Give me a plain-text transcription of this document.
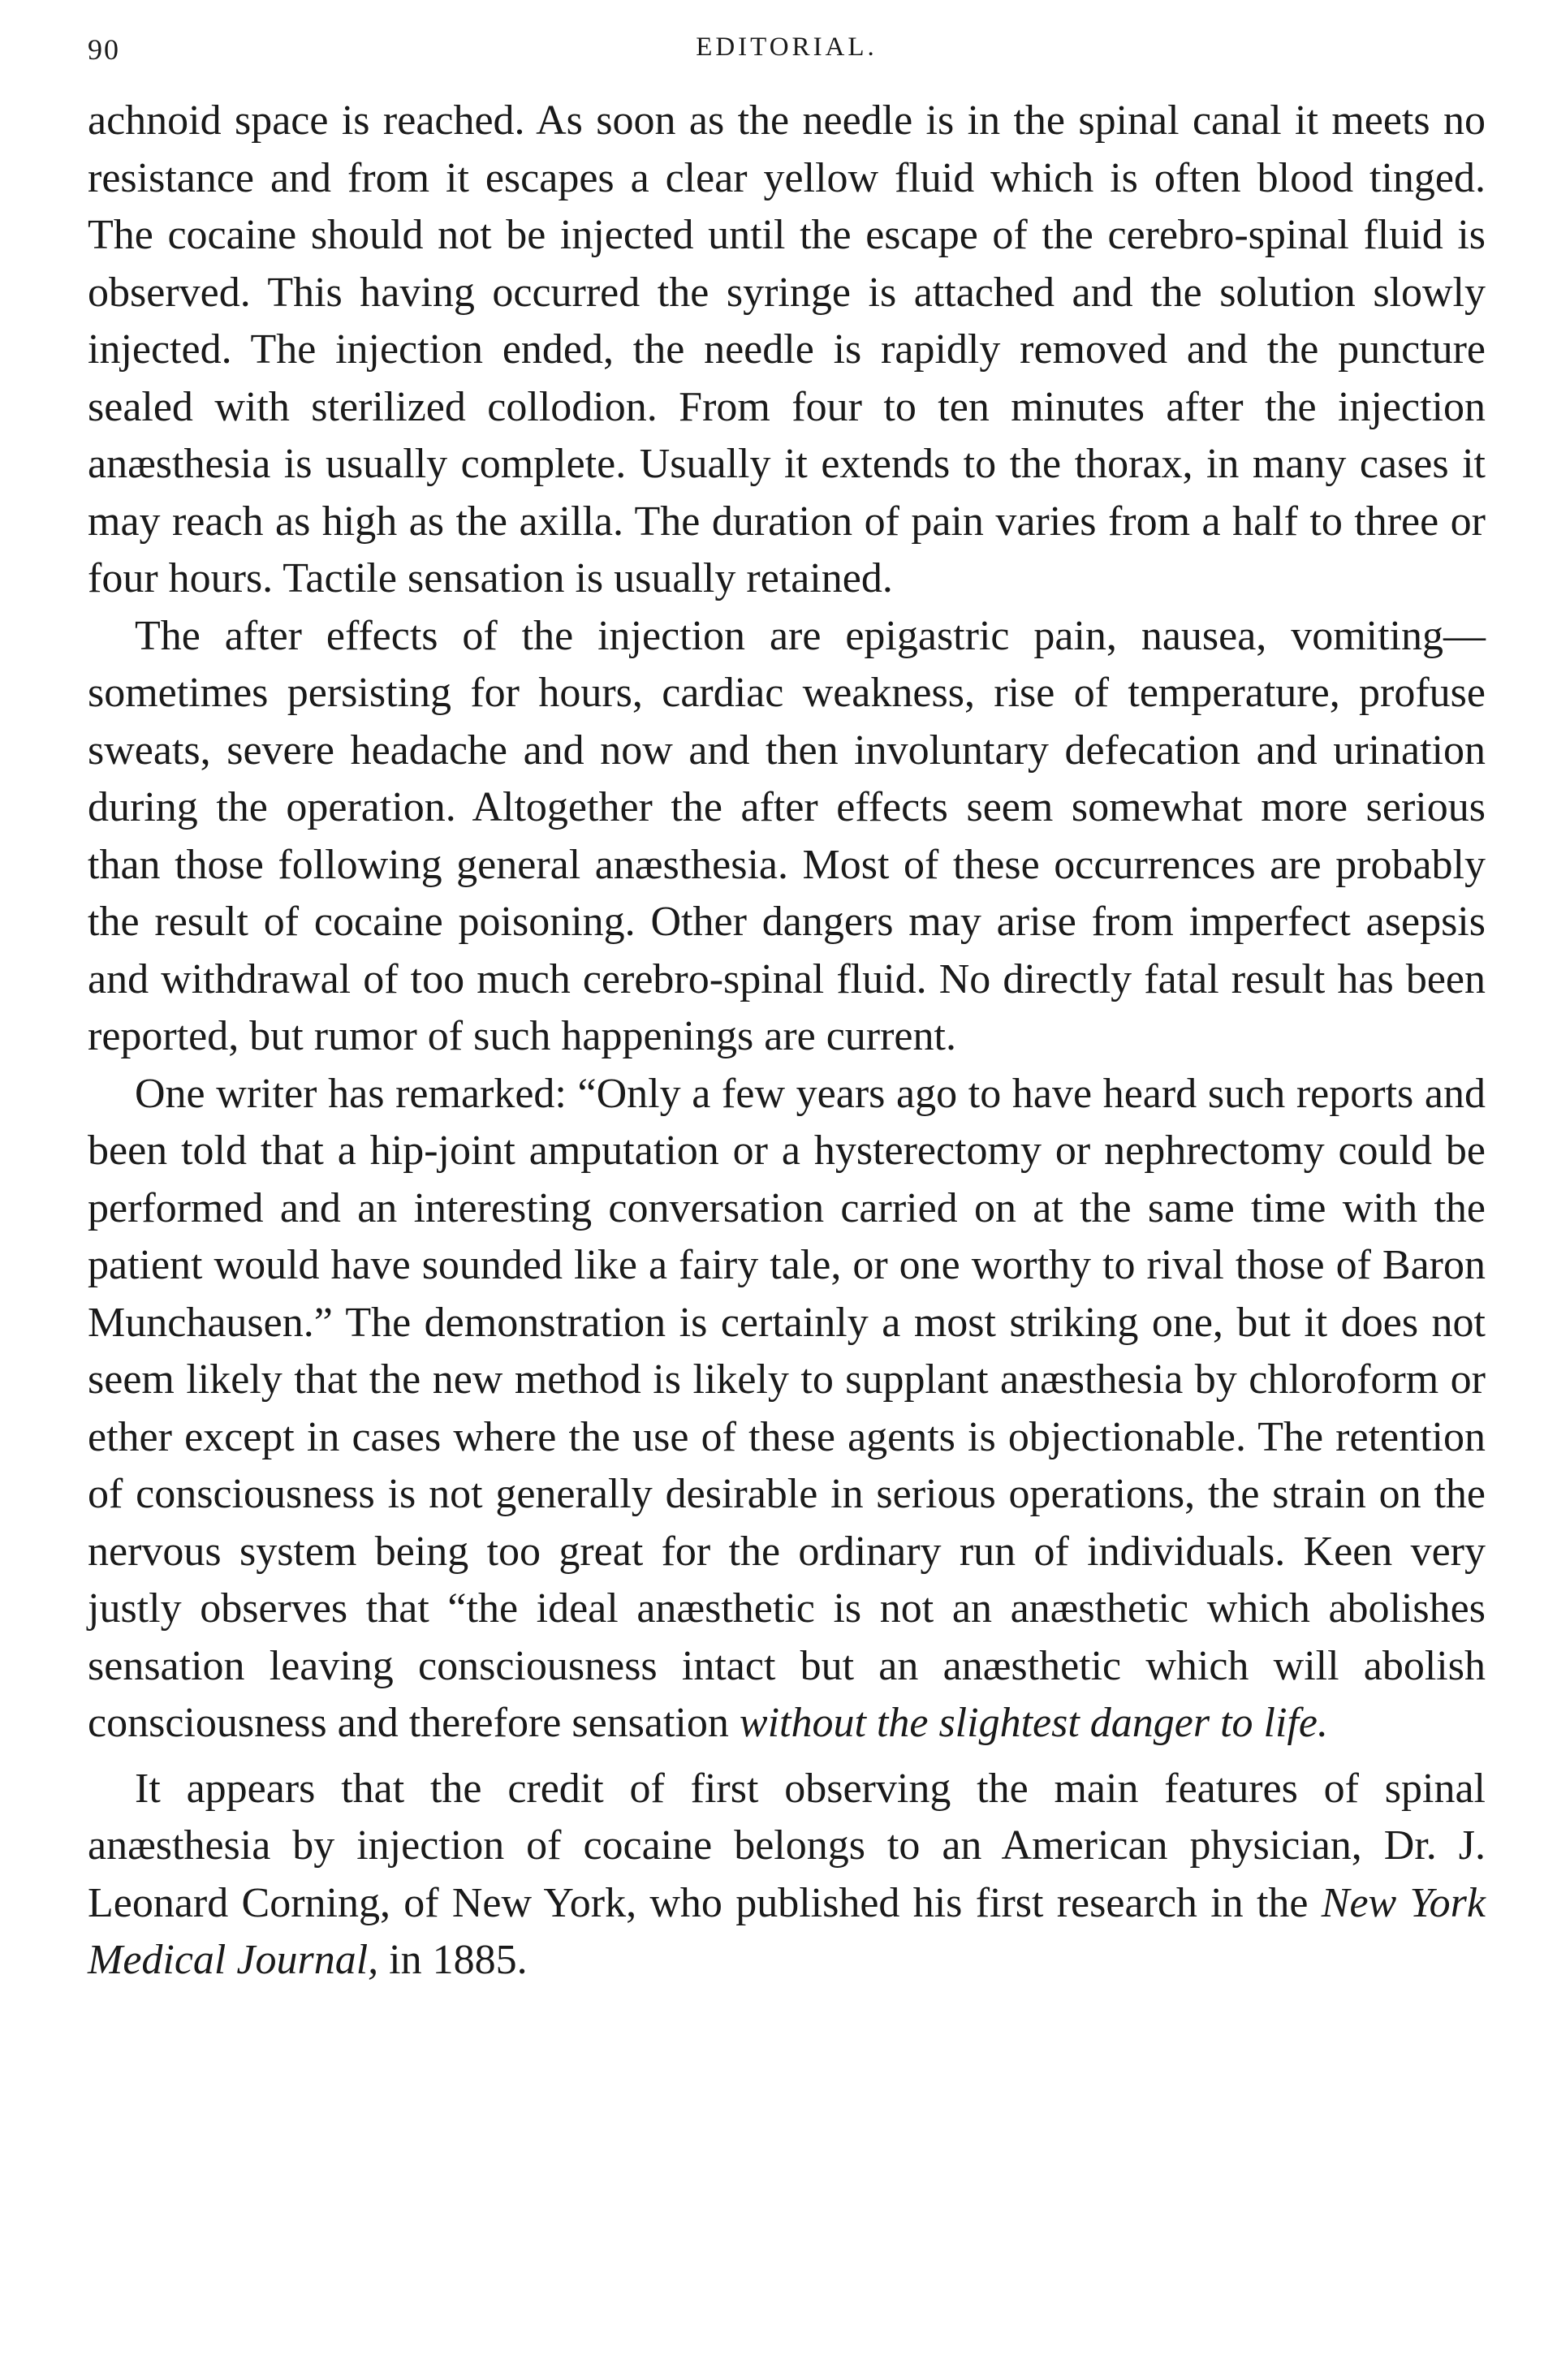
90	EDITORIAL.

achnoid space is reached. As soon as the needle is in the spinal canal it meets no resistance and from it escapes a clear yellow fluid which is often blood tinged. The cocaine should not be injected until the escape of the cerebro-spinal fluid is observed. This having occurred the syringe is attached and the solution slowly injected. The injection ended, the needle is rapidly removed and the puncture sealed with sterilized collodion. From four to ten minutes after the injection anæsthesia is usually complete. Usually it extends to the thorax, in many cases it may reach as high as the axilla. The duration of pain varies from a half to three or four hours. Tactile sensation is usually retained.

The after effects of the injection are epigastric pain, nausea, vomiting—sometimes persisting for hours, cardiac weakness, rise of temperature, profuse sweats, severe headache and now and then involuntary defecation and urination during the operation. Altogether the after effects seem somewhat more serious than those following general anæsthesia. Most of these occurrences are probably the result of cocaine poisoning. Other dangers may arise from imperfect asepsis and withdrawal of too much cerebro-spinal fluid. No directly fatal result has been reported, but rumor of such happenings are current.

One writer has remarked: “Only a few years ago to have heard such reports and been told that a hip-joint amputation or a hysterectomy or nephrectomy could be performed and an interesting conversation carried on at the same time with the patient would have sounded like a fairy tale, or one worthy to rival those of Baron Munchausen.” The demonstration is certainly a most striking one, but it does not seem likely that the new method is likely to supplant anæsthesia by chloroform or ether except in cases where the use of these agents is objectionable. The retention of consciousness is not generally desirable in serious operations, the strain on the nervous system being too great for the ordinary run of individuals. Keen very justly observes that “the ideal anæsthetic is not an anæsthetic which abolishes sensation leaving consciousness intact but an anæsthetic which will abolish consciousness and therefore sensation without the slightest danger to life.

It appears that the credit of first observing the main features of spinal anæsthesia by injection of cocaine belongs to an American physician, Dr. J. Leonard Corning, of New York, who published his first research in the New York Medical Journal, in 1885.
